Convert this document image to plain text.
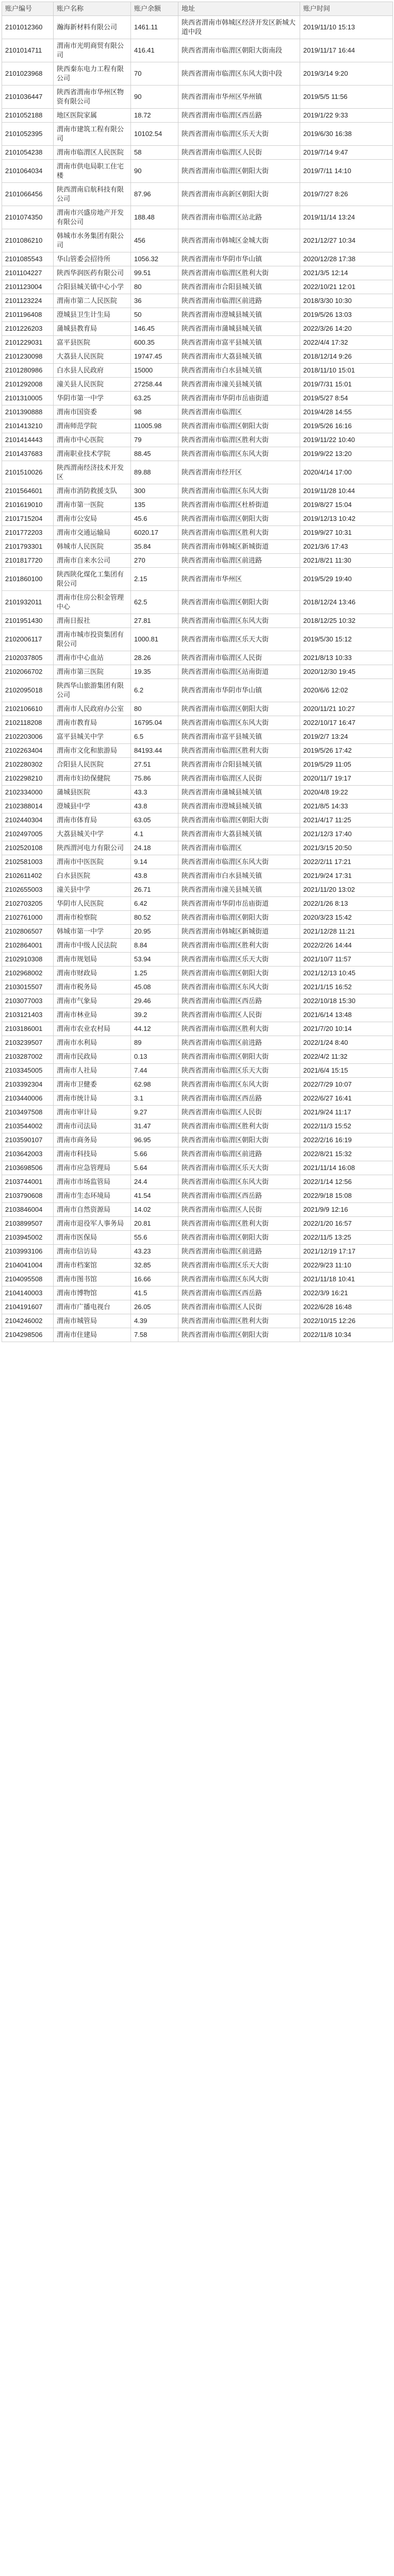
账户编号	账户名称	账户余额	地址	账户时间
2101012360	瀚海新材料有限公司	1461.11	陕西省渭南市韩城区经济开发区新城大道中段	2019/11/10 15:13
2101014711	渭南市光明商贸有限公司	416.41	陕西省渭南市临渭区朝阳大街南段	2019/11/17 16:44
2101023968	陕西秦东电力工程有限公司	70	陕西省渭南市临渭区东风大街中段	2019/3/14 9:20
2101036447	陕西省渭南市华州区物资有限公司	90	陕西省渭南市华州区华州镇	2019/5/5 11:56
2101052188	地区医院家属	18.72	陕西省渭南市临渭区西岳路	2019/1/22 9:33
2101052395	渭南市建筑工程有限公司	10102.54	陕西省渭南市临渭区乐天大街	2019/6/30 16:38
2101054238	渭南市临渭区人民医院	58	陕西省渭南市临渭区人民街	2019/7/14 9:47
2101064034	渭南市供电局职工住宅楼	90	陕西省渭南市临渭区朝阳大街	2019/7/11 14:10
2101066456	陕西渭南启航科技有限公司	87.96	陕西省渭南市高新区朝阳大街	2019/7/27 8:26
2101074350	渭南市兴盛房地产开发有限公司	188.48	陕西省渭南市临渭区站北路	2019/11/14 13:24
2101086210	韩城市水务集团有限公司	456	陕西省渭南市韩城区金城大街	2021/12/27 10:34
2101085543	华山管委会招待所	1056.32	陕西省渭南市华阴市华山镇	2020/12/28 17:38
2101104227	陕西华润医药有限公司	99.51	陕西省渭南市临渭区胜利大街	2021/3/5 12:14
2101123004	合阳县城关镇中心小学	80	陕西省渭南市合阳县城关镇	2022/10/21 12:01
2101123224	渭南市第二人民医院	36	陕西省渭南市临渭区前进路	2018/3/30 10:30
2101196408	澄城县卫生计生局	50	陕西省渭南市澄城县城关镇	2019/5/26 13:03
2101226203	蒲城县教育局	146.45	陕西省渭南市蒲城县城关镇	2022/3/26 14:20
2101229031	富平县医院	600.35	陕西省渭南市富平县城关镇	2022/4/4 17:32
2101230098	大荔县人民医院	19747.45	陕西省渭南市大荔县城关镇	2018/12/14 9:26
2101280986	白水县人民政府	15000	陕西省渭南市白水县城关镇	2018/11/10 15:01
2101292008	潼关县人民医院	27258.44	陕西省渭南市潼关县城关镇	2019/7/31 15:01
2101310005	华阴市第一中学	63.25	陕西省渭南市华阴市岳庙街道	2019/5/27 8:54
2101390888	渭南市国资委	98	陕西省渭南市临渭区	2019/4/28 14:55
2101413210	渭南师范学院	11005.98	陕西省渭南市临渭区朝阳大街	2019/5/26 16:16
2101414443	渭南市中心医院	79	陕西省渭南市临渭区胜利大街	2019/11/22 10:40
2101437683	渭南职业技术学院	88.45	陕西省渭南市临渭区东风大街	2019/9/22 13:20
2101510026	陕西渭南经济技术开发区	89.88	陕西省渭南市经开区	2020/4/14 17:00
2101564601	渭南市消防救援支队	300	陕西省渭南市临渭区东风大街	2019/11/28 10:44
2101619010	渭南市第一医院	135	陕西省渭南市临渭区杜桥街道	2019/8/27 15:04
2101715204	渭南市公安局	45.6	陕西省渭南市临渭区朝阳大街	2019/12/13 10:42
2101772203	渭南市交通运输局	6020.17	陕西省渭南市临渭区胜利大街	2019/9/27 10:31
2101793301	韩城市人民医院	35.84	陕西省渭南市韩城区新城街道	2021/3/6 17:43
2101817720	渭南市自来水公司	270	陕西省渭南市临渭区前进路	2021/8/21 11:30
2101860100	陕西陕化煤化工集团有限公司	2.15	陕西省渭南市华州区	2019/5/29 19:40
2101932011	渭南市住房公积金管理中心	62.5	陕西省渭南市临渭区朝阳大街	2018/12/24 13:46
2101951430	渭南日报社	27.81	陕西省渭南市临渭区东风大街	2018/12/25 10:32
2102006117	渭南市城市投资集团有限公司	1000.81	陕西省渭南市临渭区乐天大街	2019/5/30 15:12
2102037805	渭南市中心血站	28.26	陕西省渭南市临渭区人民街	2021/8/13 10:33
2102066702	渭南市第三医院	19.35	陕西省渭南市临渭区站南街道	2020/12/30 19:45
2102095018	陕西华山旅游集团有限公司	6.2	陕西省渭南市华阴市华山镇	2020/6/6 12:02
2102106610	渭南市人民政府办公室	80	陕西省渭南市临渭区朝阳大街	2020/11/21 10:27
2102118208	渭南市教育局	16795.04	陕西省渭南市临渭区东风大街	2022/10/17 16:47
2102203006	富平县城关中学	6.5	陕西省渭南市富平县城关镇	2019/2/7 13:24
2102263404	渭南市文化和旅游局	84193.44	陕西省渭南市临渭区胜利大街	2019/5/26 17:42
2102280302	合阳县人民医院	27.51	陕西省渭南市合阳县城关镇	2019/5/29 11:05
2102298210	渭南市妇幼保健院	75.86	陕西省渭南市临渭区人民街	2020/11/7 19:17
2102334000	蒲城县医院	43.3	陕西省渭南市蒲城县城关镇	2020/4/8 19:22
2102388014	澄城县中学	43.8	陕西省渭南市澄城县城关镇	2021/8/5 14:33
2102440304	渭南市体育局	63.05	陕西省渭南市临渭区朝阳大街	2021/4/17 11:25
2102497005	大荔县城关中学	4.1	陕西省渭南市大荔县城关镇	2021/12/3 17:40
2102520108	陕西渭河电力有限公司	24.18	陕西省渭南市临渭区	2021/3/15 20:50
2102581003	渭南市中医医院	9.14	陕西省渭南市临渭区东风大街	2022/2/11 17:21
2102611402	白水县医院	43.8	陕西省渭南市白水县城关镇	2021/9/24 17:31
2102655003	潼关县中学	26.71	陕西省渭南市潼关县城关镇	2021/11/20 13:02
2102703205	华阴市人民医院	6.42	陕西省渭南市华阴市岳庙街道	2022/1/26 8:13
2102761000	渭南市检察院	80.52	陕西省渭南市临渭区朝阳大街	2020/3/23 15:42
2102806507	韩城市第一中学	20.95	陕西省渭南市韩城区新城街道	2021/12/28 11:21
2102864001	渭南市中级人民法院	8.84	陕西省渭南市临渭区胜利大街	2022/2/26 14:44
2102910308	渭南市规划局	53.94	陕西省渭南市临渭区乐天大街	2021/10/7 11:57
2102968002	渭南市财政局	1.25	陕西省渭南市临渭区朝阳大街	2021/12/13 10:45
2103015507	渭南市税务局	45.08	陕西省渭南市临渭区东风大街	2021/1/15 16:52
2103077003	渭南市气象局	29.46	陕西省渭南市临渭区西岳路	2022/10/18 15:30
2103121403	渭南市林业局	39.2	陕西省渭南市临渭区人民街	2021/6/14 13:48
2103186001	渭南市农业农村局	44.12	陕西省渭南市临渭区胜利大街	2021/7/20 10:14
2103239507	渭南市水利局	89	陕西省渭南市临渭区前进路	2022/1/24 8:40
2103287002	渭南市民政局	0.13	陕西省渭南市临渭区朝阳大街	2022/4/2 11:32
2103345005	渭南市人社局	7.44	陕西省渭南市临渭区乐天大街	2021/6/4 15:15
2103392304	渭南市卫健委	62.98	陕西省渭南市临渭区东风大街	2022/7/29 10:07
2103440006	渭南市统计局	3.1	陕西省渭南市临渭区西岳路	2022/6/27 16:41
2103497508	渭南市审计局	9.27	陕西省渭南市临渭区人民街	2021/9/24 11:17
2103544002	渭南市司法局	31.47	陕西省渭南市临渭区胜利大街	2022/11/3 15:52
2103590107	渭南市商务局	96.95	陕西省渭南市临渭区朝阳大街	2022/2/16 16:19
2103642003	渭南市科技局	5.66	陕西省渭南市临渭区前进路	2022/8/21 15:32
2103698506	渭南市应急管理局	5.64	陕西省渭南市临渭区乐天大街	2021/11/14 16:08
2103744001	渭南市市场监管局	24.4	陕西省渭南市临渭区东风大街	2022/1/14 12:56
2103790608	渭南市生态环境局	41.54	陕西省渭南市临渭区西岳路	2022/9/18 15:08
2103846004	渭南市自然资源局	14.02	陕西省渭南市临渭区人民街	2021/9/9 12:16
2103899507	渭南市退役军人事务局	20.81	陕西省渭南市临渭区胜利大街	2022/1/20 16:57
2103945002	渭南市医保局	55.6	陕西省渭南市临渭区朝阳大街	2022/11/5 13:25
2103993106	渭南市信访局	43.23	陕西省渭南市临渭区前进路	2021/12/19 17:17
2104041004	渭南市档案馆	32.85	陕西省渭南市临渭区乐天大街	2022/9/23 11:10
2104095508	渭南市图书馆	16.66	陕西省渭南市临渭区东风大街	2021/11/18 10:41
2104140003	渭南市博物馆	41.5	陕西省渭南市临渭区西岳路	2022/3/9 16:21
2104191607	渭南市广播电视台	26.05	陕西省渭南市临渭区人民街	2022/6/28 16:48
2104246002	渭南市城管局	4.39	陕西省渭南市临渭区胜利大街	2022/10/15 12:26
2104298506	渭南市住建局	7.58	陕西省渭南市临渭区朝阳大街	2022/11/8 10:34
